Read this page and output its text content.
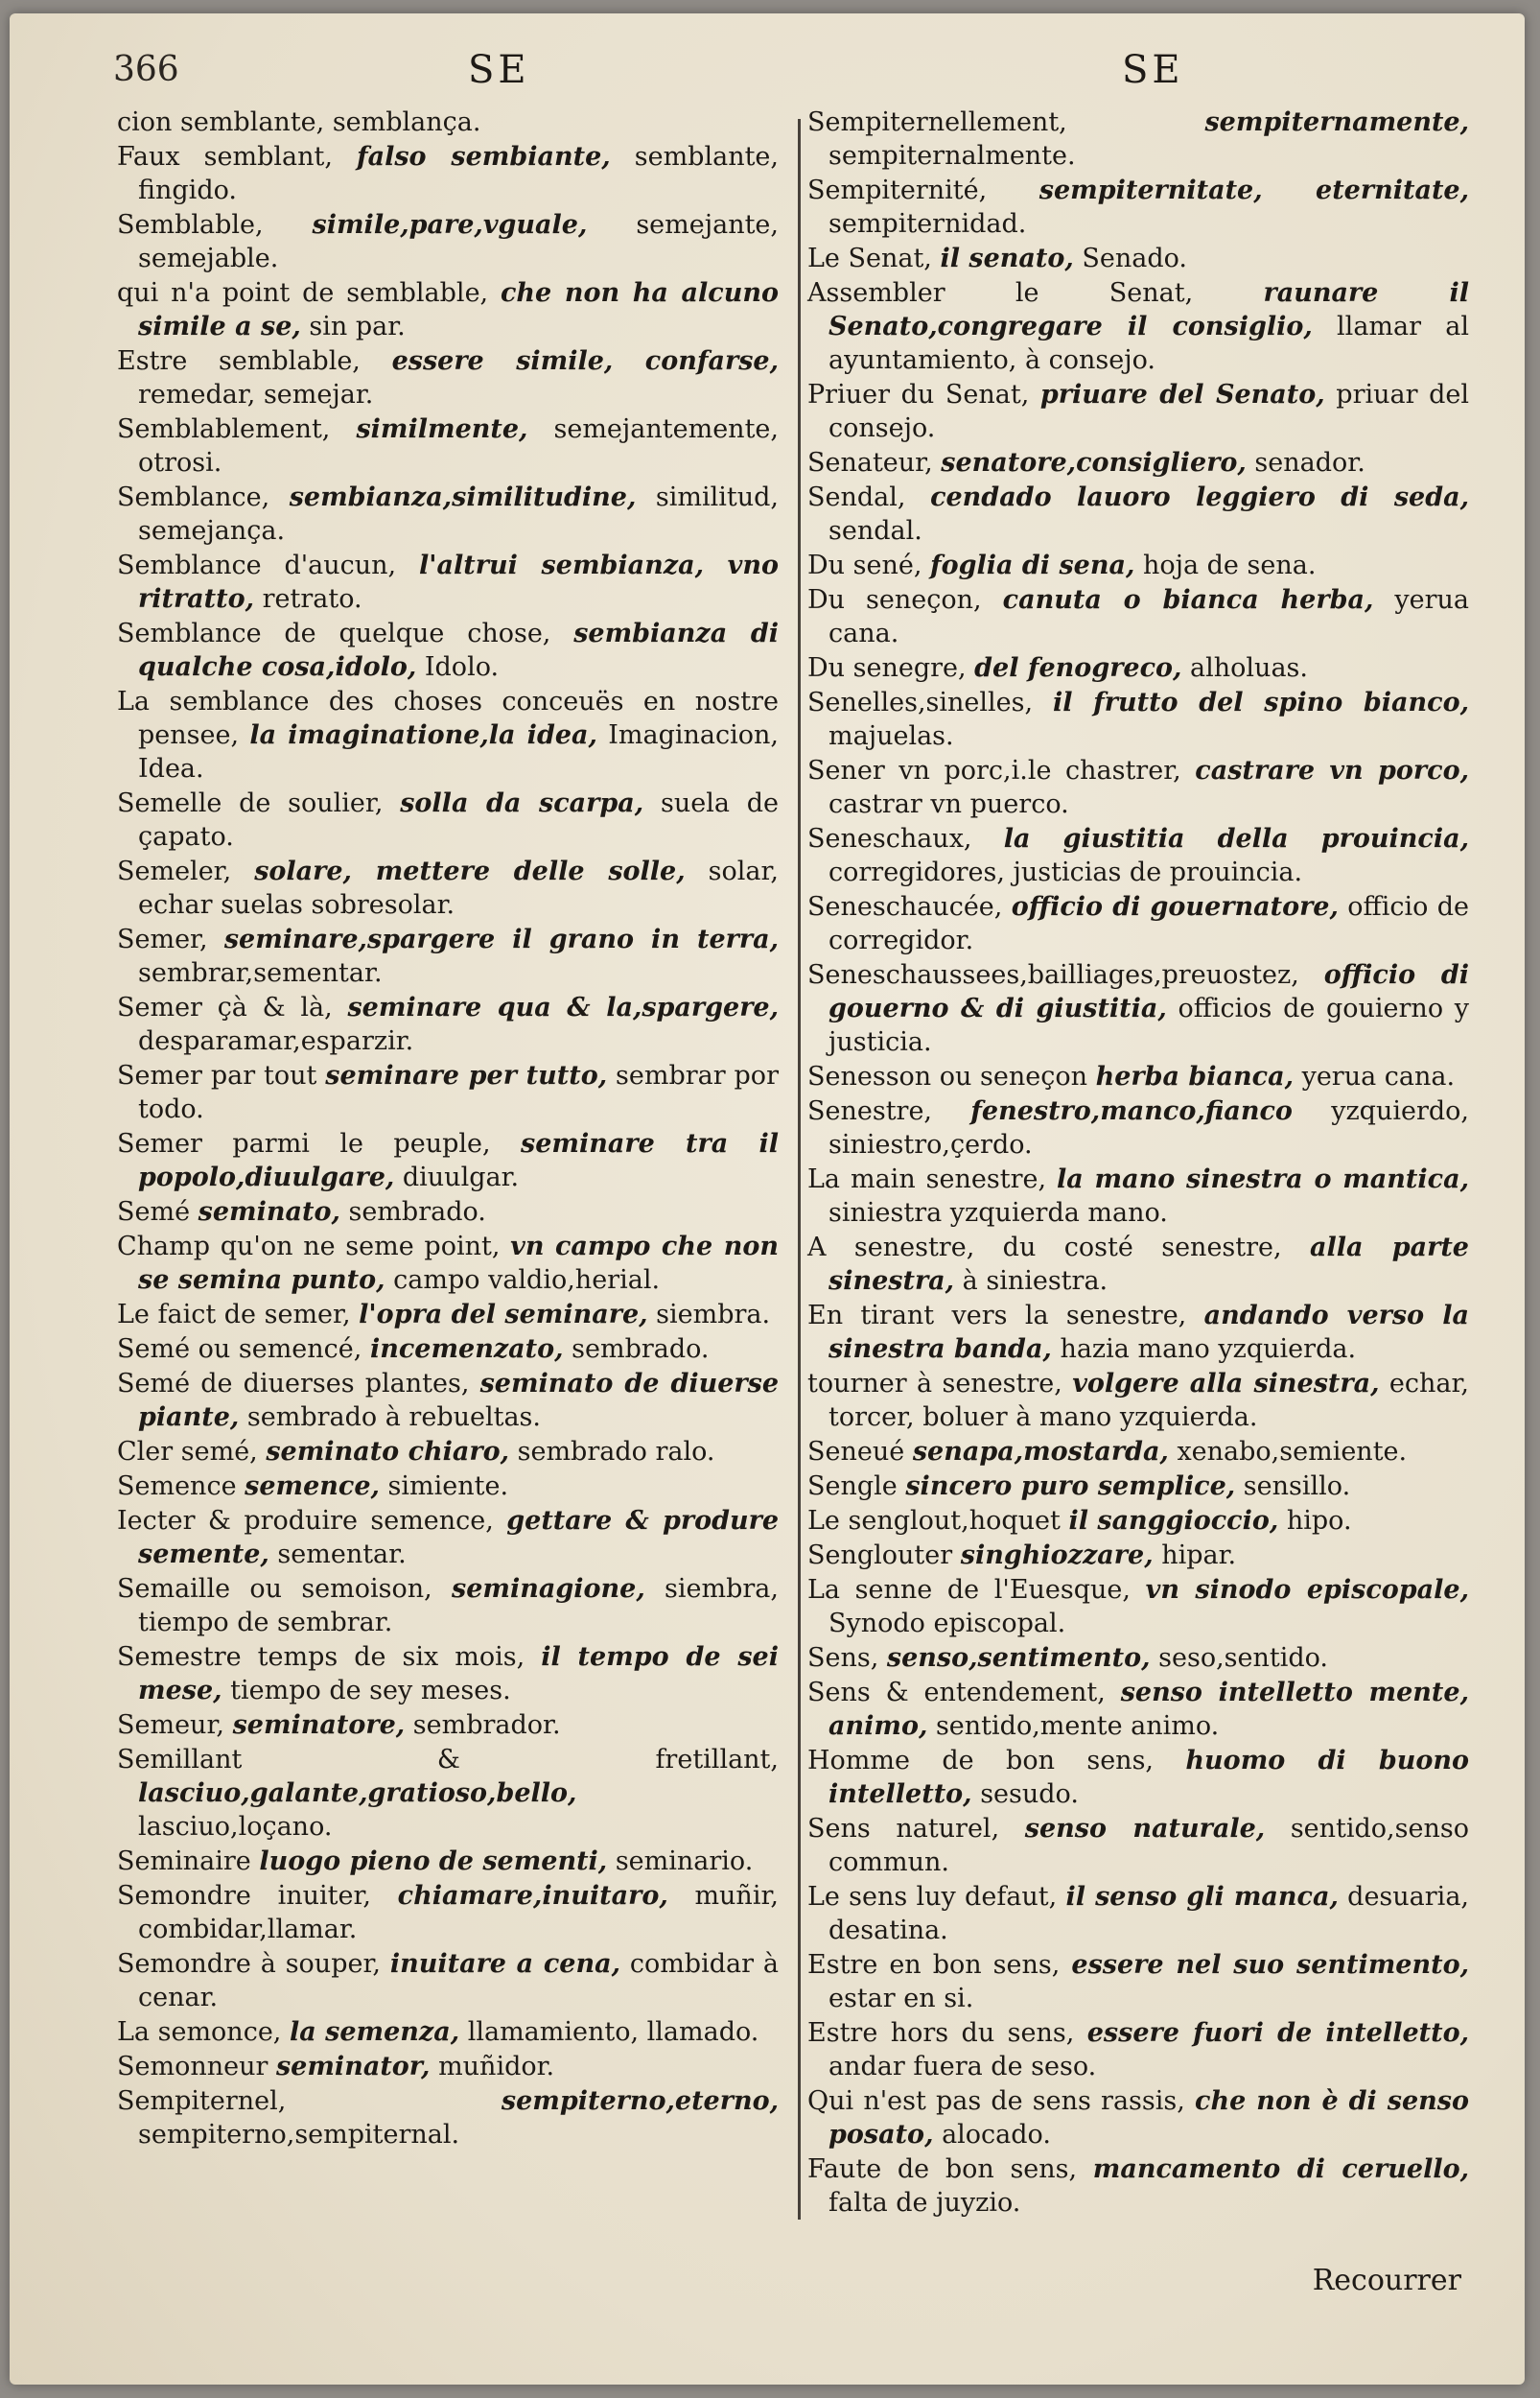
366	SE	SE

cion semblante, semblança.

Faux semblant, falso sembiante, semblante, fingido.

Semblable, simile,pare,vguale, semejante, semejable.

qui n'a point de semblable, che non ha alcuno simile a se, sin par.

Estre semblable, essere simile, confarse, remedar, semejar.

Semblablement, similmente, semejantemente, otrosi.

Semblance, sembianza,similitudine, similitud, semejança.

Semblance d'aucun, l'altrui sembianza, vno ritratto, retrato.

Semblance de quelque chose, sembianza di qualche cosa,idolo, Idolo.

La semblance des choses conceuës en nostre pensee, la imaginatione,la idea, Imaginacion, Idea.

Semelle de soulier, solla da scarpa, suela de çapato.

Semeler, solare, mettere delle solle, solar, echar suelas sobresolar.

Semer, seminare,spargere il grano in terra, sembrar,sementar.

Semer çà & là, seminare qua & la,spargere, desparamar,esparzir.

Semer par tout seminare per tutto, sembrar por todo.

Semer parmi le peuple, seminare tra il popolo,diuulgare, diuulgar.

Semé seminato, sembrado.

Champ qu'on ne seme point, vn campo che non se semina punto, campo valdio,herial.

Le faict de semer, l'opra del seminare, siembra.

Semé ou semencé, incemenzato, sembrado.

Semé de diuerses plantes, seminato de diuerse piante, sembrado à rebueltas.

Cler semé, seminato chiaro, sembrado ralo.

Semence semence, simiente.

Iecter & produire semence, gettare & produre semente, sementar.

Semaille ou semoison, seminagione, siembra, tiempo de sembrar.

Semestre temps de six mois, il tempo de sei mese, tiempo de sey meses.

Semeur, seminatore, sembrador.

Semillant & fretillant, lasciuo,galante,gratioso,bello, lasciuo,loçano.

Seminaire luogo pieno de sementi, seminario.

Semondre inuiter, chiamare,inuitaro, muñir, combidar,llamar.

Semondre à souper, inuitare a cena, combidar à cenar.

La semonce, la semenza, llamamiento, llamado.

Semonneur seminator, muñidor.

Sempiternel,	sempiterno,eterno, sempiterno,sempiternal.

Sempiternellement,	sempiternamente, sempiternalmente.

Sempiternité, sempiternitate, eternitate, sempiternidad.

Le Senat, il senato, Senado.

Assembler le Senat,	raunare il Senato,congregare il consiglio, llamar al ayuntamiento, à consejo.

Priuer du Senat, priuare del Senato, priuar del consejo.

Senateur, senatore,consigliero, senador.

Sendal, cendado lauoro leggiero di seda, sendal.

Du sené, foglia di sena, hoja de sena.

Du seneçon, canuta o bianca herba, yerua cana.

Du senegre, del fenogreco, alholuas.

Senelles,sinelles, il frutto del spino bianco, majuelas.

Sener vn porc,i.le chastrer, castrare vn porco, castrar vn puerco.

Seneschaux, la giustitia della prouincia, corregidores, justicias de prouincia.

Seneschaucée, officio di gouernatore, officio de corregidor.

Seneschaussees,bailliages,preuostez, officio di gouerno & di giustitia, officios de gouierno y justicia.

Senesson ou seneçon herba bianca, yerua cana.

Senestre, fenestro,manco,fianco yzquierdo, siniestro,çerdo.

La main senestre, la mano sinestra o mantica, siniestra yzquierda mano.

A senestre, du costé senestre, alla parte sinestra, à siniestra.

En tirant vers la senestre, andando verso la sinestra banda, hazia mano yzquierda.

tourner à senestre, volgere alla sinestra, echar, torcer, boluer à mano yzquierda.

Seneué senapa,mostarda, xenabo,semiente.

Sengle sincero puro semplice, sensillo.

Le senglout,hoquet il sanggioccio, hipo.

Senglouter singhiozzare, hipar.

La senne de l'Euesque, vn sinodo episcopale, Synodo episcopal.

Sens, senso,sentimento, seso,sentido.

Sens & entendement, senso intelletto mente, animo, sentido,mente animo.

Homme de bon sens, huomo di buono intelletto, sesudo.

Sens naturel, senso naturale, sentido,senso commun.

Le sens luy defaut, il senso gli manca, desuaria, desatina.

Estre en bon sens, essere nel suo sentimento, estar en si.

Estre hors du sens, essere fuori de intelletto, andar fuera de seso.

Qui n'est pas de sens rassis, che non è di senso posato, alocado.

Faute de bon sens, mancamento di ceruello, falta de juyzio.

Recourrer
